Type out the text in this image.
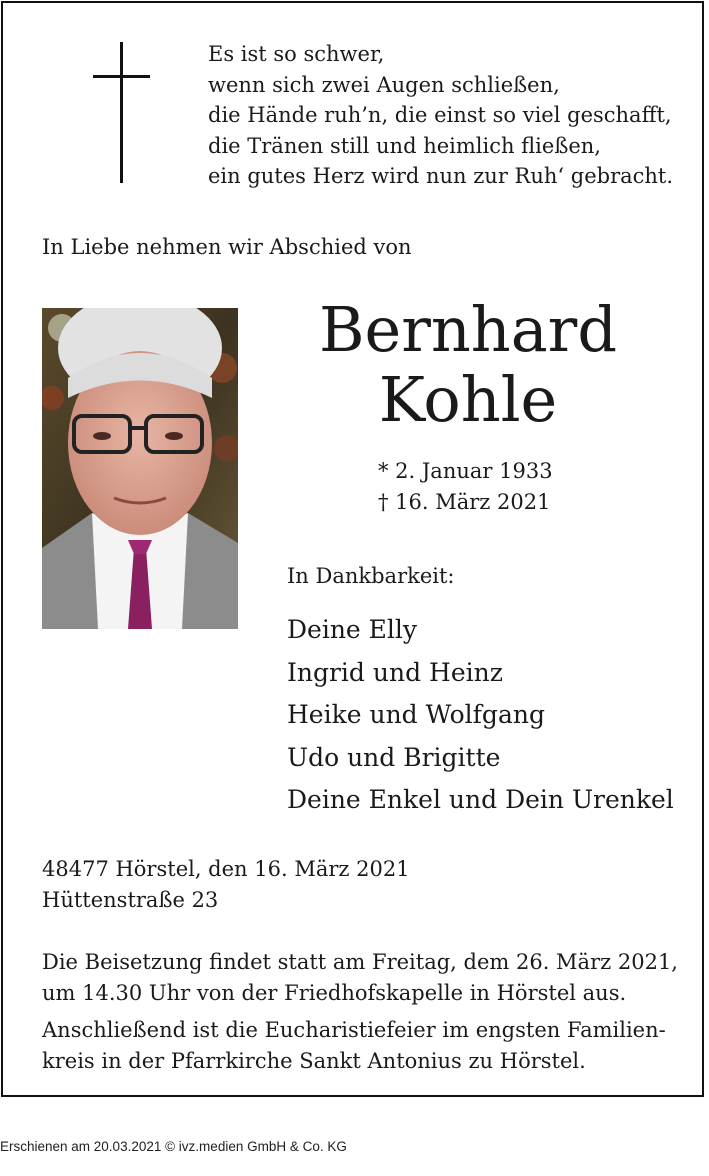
Es ist so schwer,
wenn sich zwei Augen schließen,
die Hände ruh’n, die einst so viel geschafft,
die Tränen still und heimlich fließen,
ein gutes Herz wird nun zur Ruh‘ gebracht.
In Liebe nehmen wir Abschied von
Bernhard
Kohle
* 2. Januar 1933
† 16. März 2021
In Dankbarkeit:
Deine Elly
Ingrid und Heinz
Heike und Wolfgang
Udo und Brigitte
Deine Enkel und Dein Urenkel
48477 Hörstel, den 16. März 2021
Hüttenstraße 23
Die Beisetzung findet statt am Freitag, dem 26. März 2021,
um 14.30 Uhr von der Friedhofskapelle in Hörstel aus.
Anschließend ist die Eucharistiefeier im engsten Familien-
kreis in der Pfarrkirche Sankt Antonius zu Hörstel.
Erschienen am 20.03.2021 © ivz.medien GmbH & Co. KG
